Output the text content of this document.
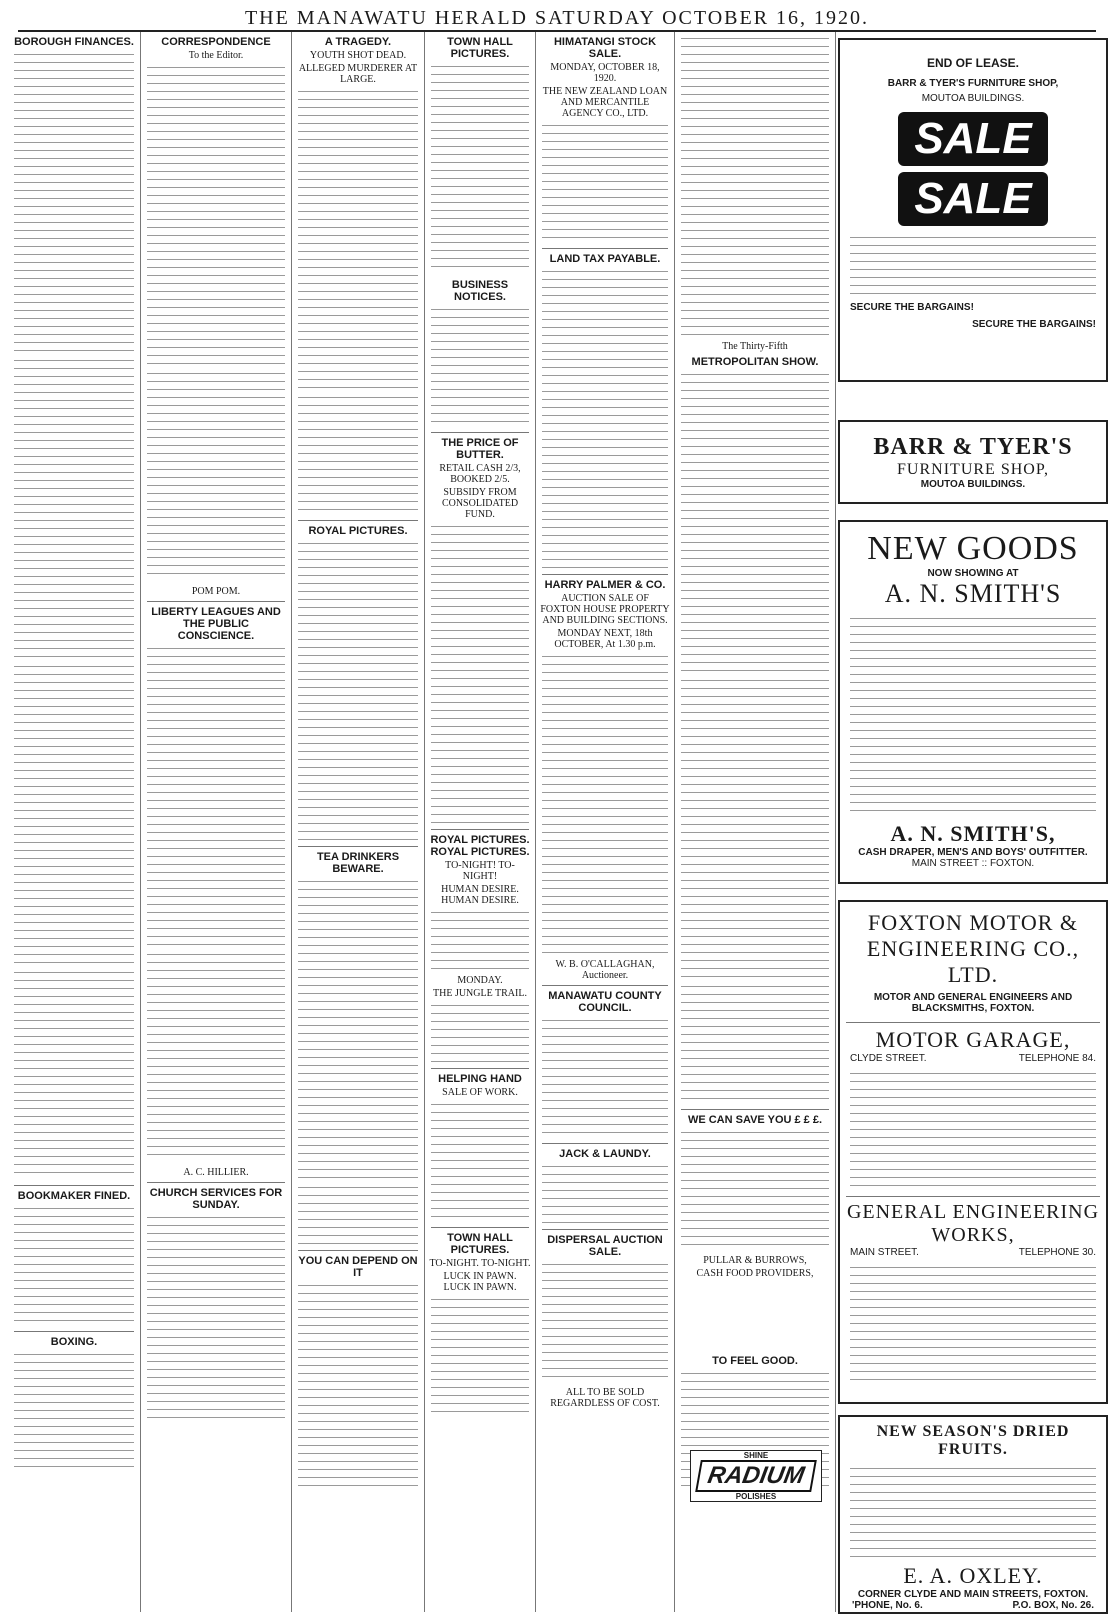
THE MANAWATU HERALD SATURDAY OCTOBER 16, 1920.
BOROUGH FINANCES.
BOOKMAKER FINED.
BOXING.
CORRESPONDENCE
To the Editor.
POM POM.
LIBERTY LEAGUES AND THE PUBLIC CONSCIENCE.
A. C. HILLIER.
CHURCH SERVICES FOR SUNDAY.
A TRAGEDY.
YOUTH SHOT DEAD.
ALLEGED MURDERER AT LARGE.
ROYAL PICTURES.
TEA DRINKERS BEWARE.
YOU CAN DEPEND ON IT
TOWN HALL PICTURES.
BUSINESS NOTICES.
THE PRICE OF BUTTER.
RETAIL CASH 2/3, BOOKED 2/5.
SUBSIDY FROM CONSOLIDATED FUND.
ROYAL PICTURES. ROYAL PICTURES.
TO-NIGHT! TO-NIGHT!
HUMAN DESIRE. HUMAN DESIRE.
MONDAY.
THE JUNGLE TRAIL.
HELPING HAND
SALE OF WORK.
TOWN HALL PICTURES.
TO-NIGHT. TO-NIGHT.
LUCK IN PAWN. LUCK IN PAWN.
HIMATANGI STOCK SALE.
MONDAY, OCTOBER 18, 1920.
THE NEW ZEALAND LOAN AND MERCANTILE AGENCY CO., LTD.
LAND TAX PAYABLE.
HARRY PALMER & CO.
AUCTION SALE OF FOXTON HOUSE PROPERTY AND BUILDING SECTIONS.
MONDAY NEXT, 18th OCTOBER, At 1.30 p.m.
W. B. O'CALLAGHAN, Auctioneer.
MANAWATU COUNTY COUNCIL.
JACK & LAUNDY.
DISPERSAL AUCTION SALE.
ALL TO BE SOLD REGARDLESS OF COST.
The Thirty-Fifth
METROPOLITAN SHOW.
WE CAN SAVE YOU £ £ £.
PULLAR & BURROWS,
CASH FOOD PROVIDERS,
TO FEEL GOOD.
SHINE
RADIUM
POLISHES
END OF LEASE.
BARR & TYER'S FURNITURE SHOP,
MOUTOA BUILDINGS.
SALE
SALE
SECURE THE BARGAINS!
SECURE THE BARGAINS!
BARR & TYER'S
FURNITURE SHOP,
MOUTOA BUILDINGS.
NEW GOODS
NOW SHOWING AT
A. N. SMITH'S
A. N. SMITH'S,
CASH DRAPER, MEN'S AND BOYS' OUTFITTER.
MAIN STREET :: FOXTON.
FOXTON MOTOR & ENGINEERING CO., LTD.
MOTOR AND GENERAL ENGINEERS AND BLACKSMITHS, FOXTON.
MOTOR GARAGE,
CLYDE STREET.	TELEPHONE 84.
GENERAL ENGINEERING WORKS,
MAIN STREET.	TELEPHONE 30.
NEW SEASON'S DRIED FRUITS.
E. A. OXLEY.
CORNER CLYDE AND MAIN STREETS, FOXTON.
'PHONE, No. 6.	P.O. BOX, No. 26.
